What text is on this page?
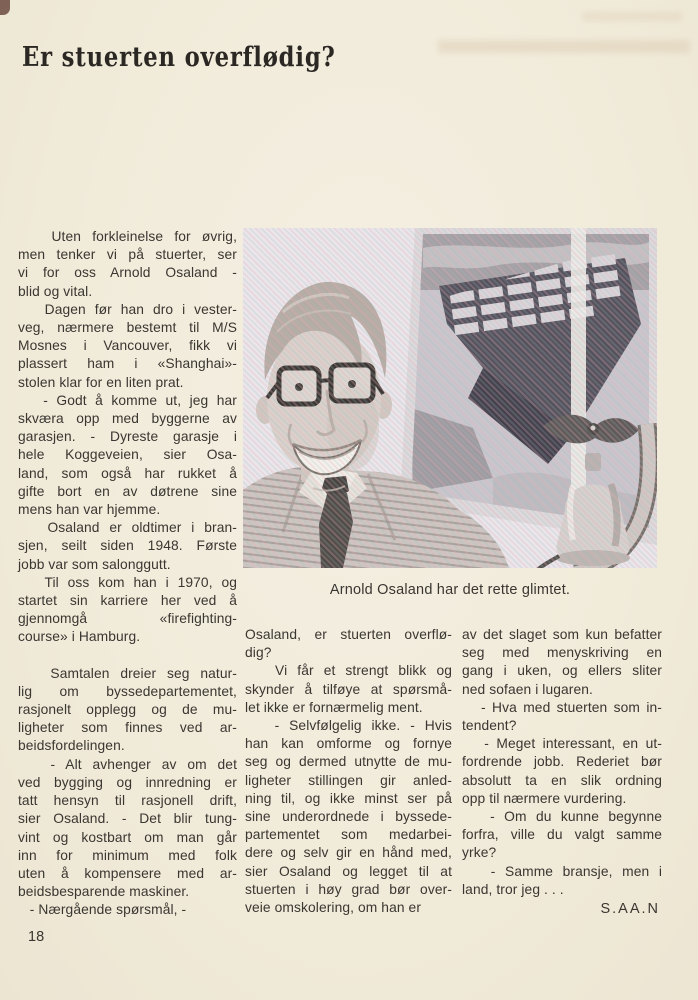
Er stuerten overflødig?
Uten forkleinelse for øvrig,
men tenker vi på stuerter, ser
vi for oss Arnold Osaland -
blid og vital.
Dagen før han dro i vester-
veg, nærmere bestemt til M/S
Mosnes i Vancouver, fikk vi
plassert ham i «Shanghai»-
stolen klar for en liten prat.
- Godt å komme ut, jeg har
skværa opp med byggerne av
garasjen. - Dyreste garasje i
hele Koggeveien, sier Osa-
land, som også har rukket å
gifte bort en av døtrene sine
mens han var hjemme.
Osaland er oldtimer i bran-
sjen, seilt siden 1948. Første
jobb var som salonggutt.
Til oss kom han i 1970, og
startet sin karriere her ved å
gjennomgå «firefighting-
course» i Hamburg.
Samtalen dreier seg natur-
lig om byssedepartementet,
rasjonelt opplegg og de mu-
ligheter som finnes ved ar-
beidsfordelingen.
- Alt avhenger av om det
ved bygging og innredning er
tatt hensyn til rasjonell drift,
sier Osaland. - Det blir tung-
vint og kostbart om man går
inn for minimum med folk
uten å kompensere med ar-
beidsbesparende maskiner.
- Nærgående spørsmål, -
Arnold Osaland har det rette glimtet.
Osaland, er stuerten overflø-
dig?
Vi får et strengt blikk og
skynder å tilføye at spørsmå-
let ikke er fornærmelig ment.
- Selvfølgelig ikke. - Hvis
han kan omforme og fornye
seg og dermed utnytte de mu-
ligheter stillingen gir anled-
ning til, og ikke minst ser på
sine underordnede i byssede-
partementet som medarbei-
dere og selv gir en hånd med,
sier Osaland og legget til at
stuerten i høy grad bør over-
veie omskolering, om han er
av det slaget som kun befatter
seg med menyskriving en
gang i uken, og ellers sliter
ned sofaen i lugaren.
- Hva med stuerten som in-
tendent?
- Meget interessant, en ut-
fordrende jobb. Rederiet bør
absolutt ta en slik ordning
opp til nærmere vurdering.
- Om du kunne begynne
forfra, ville du valgt samme
yrke?
- Samme bransje, men i
land, tror jeg . . .
S.AA.N
18
